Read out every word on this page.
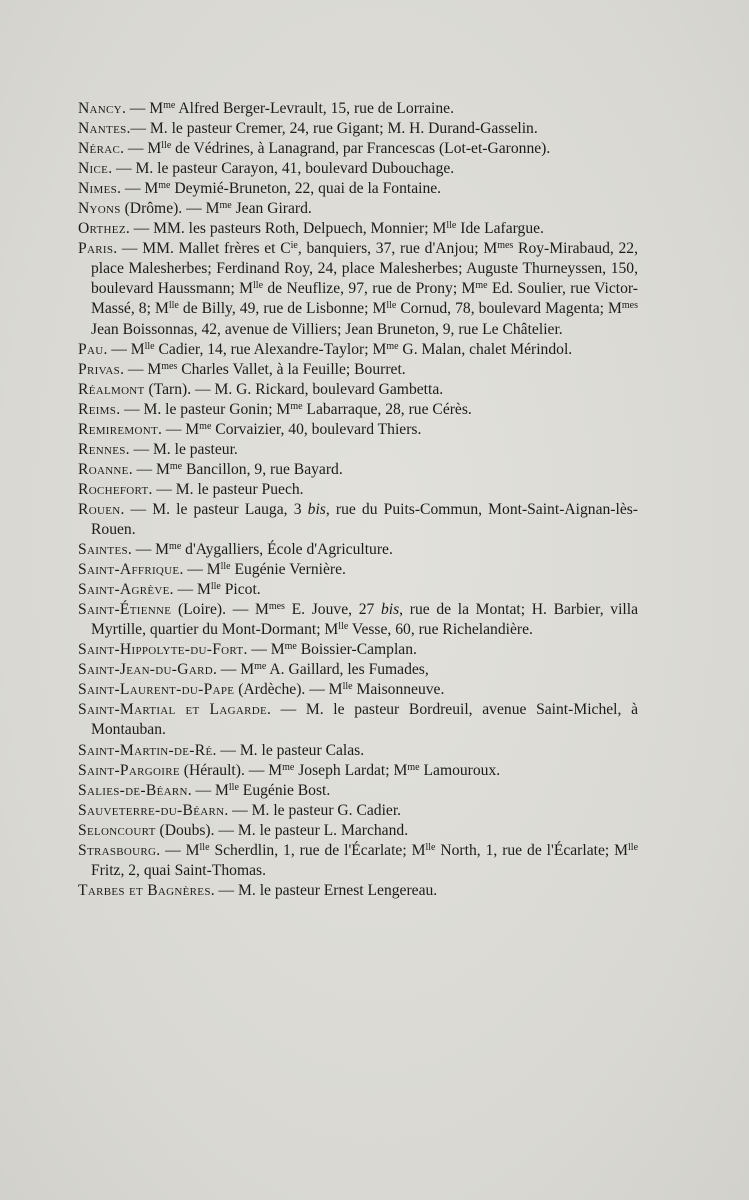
Nancy. — $M^{me}$ Alfred Berger-Levrault, 15, rue de Lorraine.

Nantes.— M. le pasteur Cremer, 24, rue Gigant; M. H. Durand-Gasselin.

Nérac. — $M^{lle}$ de Védrines, à Lanagrand, par Francescas (Lot-et-Garonne).

Nice. — M. le pasteur Carayon, 41, boulevard Dubouchage.

Nimes. — $M^{me}$ Deymié-Bruneton, 22, quai de la Fontaine.

Nyons (Drôme). — $M^{me}$ Jean Girard.

Orthez. — MM. les pasteurs Roth, Delpuech, Monnier; $M^{lle}$ Ide Lafargue.

Paris. — MM. Mallet frères et $C^{ie}$, banquiers, 37, rue d'Anjou; $M^{mes}$ Roy-Mirabaud, 22, place Malesherbes; Ferdinand Roy, 24, place Malesherbes; Auguste Thurneyssen, 150, boulevard Haussmann; $M^{lle}$ de Neuflize, 97, rue de Prony; $M^{me}$ Ed. Soulier, rue Victor-Massé, 8; $M^{lle}$ de Billy, 49, rue de Lisbonne; $M^{lle}$ Cornud, 78, boulevard Magenta; $M^{mes}$ Jean Boissonnas, 42, avenue de Villiers; Jean Bruneton, 9, rue Le Châtelier.

Pau. — $M^{lle}$ Cadier, 14, rue Alexandre-Taylor; $M^{me}$ G. Malan, chalet Mérindol.

Privas. — $M^{mes}$ Charles Vallet, à la Feuille; Bourret.

Réalmont (Tarn). — M. G. Rickard, boulevard Gambetta.

Reims. — M. le pasteur Gonin; $M^{me}$ Labarraque, 28, rue Cérès.

Remiremont. — $M^{me}$ Corvaizier, 40, boulevard Thiers.

Rennes. — M. le pasteur.

Roanne. — $M^{me}$ Bancillon, 9, rue Bayard.

Rochefort. — M. le pasteur Puech.

Rouen. — M. le pasteur Lauga, 3 bis, rue du Puits-Commun, Mont-Saint-Aignan-lès-Rouen.

Saintes. — $M^{me}$ d'Aygalliers, École d'Agriculture.

Saint-Affrique. — $M^{lle}$ Eugénie Vernière.

Saint-Agrève. — $M^{lle}$ Picot.

Saint-Étienne (Loire). — $M^{mes}$ E. Jouve, 27 bis, rue de la Montat; H. Barbier, villa Myrtille, quartier du Mont-Dormant; $M^{lle}$ Vesse, 60, rue Richelandière.

Saint-Hippolyte-du-Fort. — $M^{me}$ Boissier-Camplan.

Saint-Jean-du-Gard. — $M^{me}$ A. Gaillard, les Fumades,

Saint-Laurent-du-Pape (Ardèche). — $M^{lle}$ Maisonneuve.

Saint-Martial et Lagarde. — M. le pasteur Bordreuil, avenue Saint-Michel, à Montauban.

Saint-Martin-de-Ré. — M. le pasteur Calas.

Saint-Pargoire (Hérault). — $M^{me}$ Joseph Lardat; $M^{me}$ Lamouroux.

Salies-de-Béarn. — $M^{lle}$ Eugénie Bost.

Sauveterre-du-Béarn. — M. le pasteur G. Cadier.

Seloncourt (Doubs). — M. le pasteur L. Marchand.

Strasbourg. — $M^{lle}$ Scherdlin, 1, rue de l'Écarlate; $M^{lle}$ North, 1, rue de l'Écarlate; $M^{lle}$ Fritz, 2, quai Saint-Thomas.

Tarbes et Bagnères. — M. le pasteur Ernest Lengereau.
